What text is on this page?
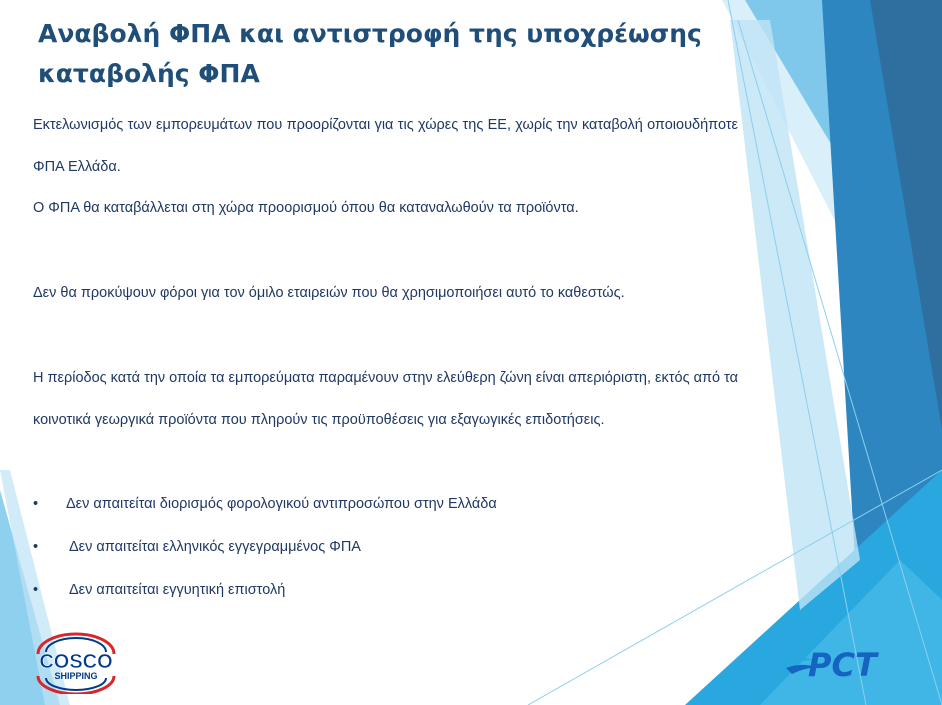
Αναβολή ΦΠΑ και αντιστροφή της υποχρέωσης καταβολής ΦΠΑ

Εκτελωνισμός των εμπορευμάτων που προορίζονται για τις χώρες της ΕΕ, χωρίς την καταβολή οποιουδήποτε ΦΠΑ Ελλάδα.

Ο ΦΠΑ θα καταβάλλεται στη χώρα προορισμού όπου θα καταναλωθούν τα προϊόντα.

Δεν θα προκύψουν φόροι για τον όμιλο εταιρειών που θα χρησιμοποιήσει αυτό το καθεστώς.

Η περίοδος κατά την οποία τα εμπορεύματα παραμένουν στην ελεύθερη ζώνη είναι απεριόριστη, εκτός από τα κοινοτικά γεωργικά προϊόντα που πληρούν τις προϋποθέσεις για εξαγωγικές επιδοτήσεις.

• Δεν απαιτείται διορισμός φορολογικού αντιπροσώπου στην Ελλάδα
• Δεν απαιτείται ελληνικός εγγεγραμμένος ΦΠΑ
• Δεν απαιτείται εγγυητική επιστολή
COSCO
SHIPPING	PCT
